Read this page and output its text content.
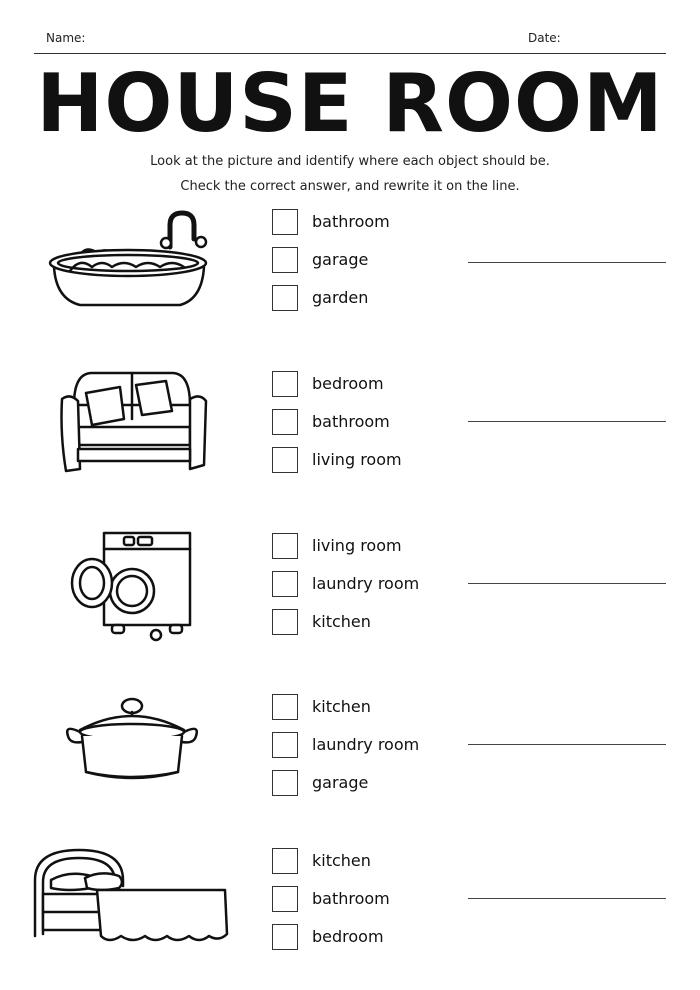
Name:	Date:
HOUSE ROOM
Look at the picture and identify where each object should be.
Check the correct answer, and rewrite it on the line.
bathroom
garage
garden
bedroom
bathroom
living room
living room
laundry room
kitchen
kitchen
laundry room
garage
kitchen
bathroom
bedroom
